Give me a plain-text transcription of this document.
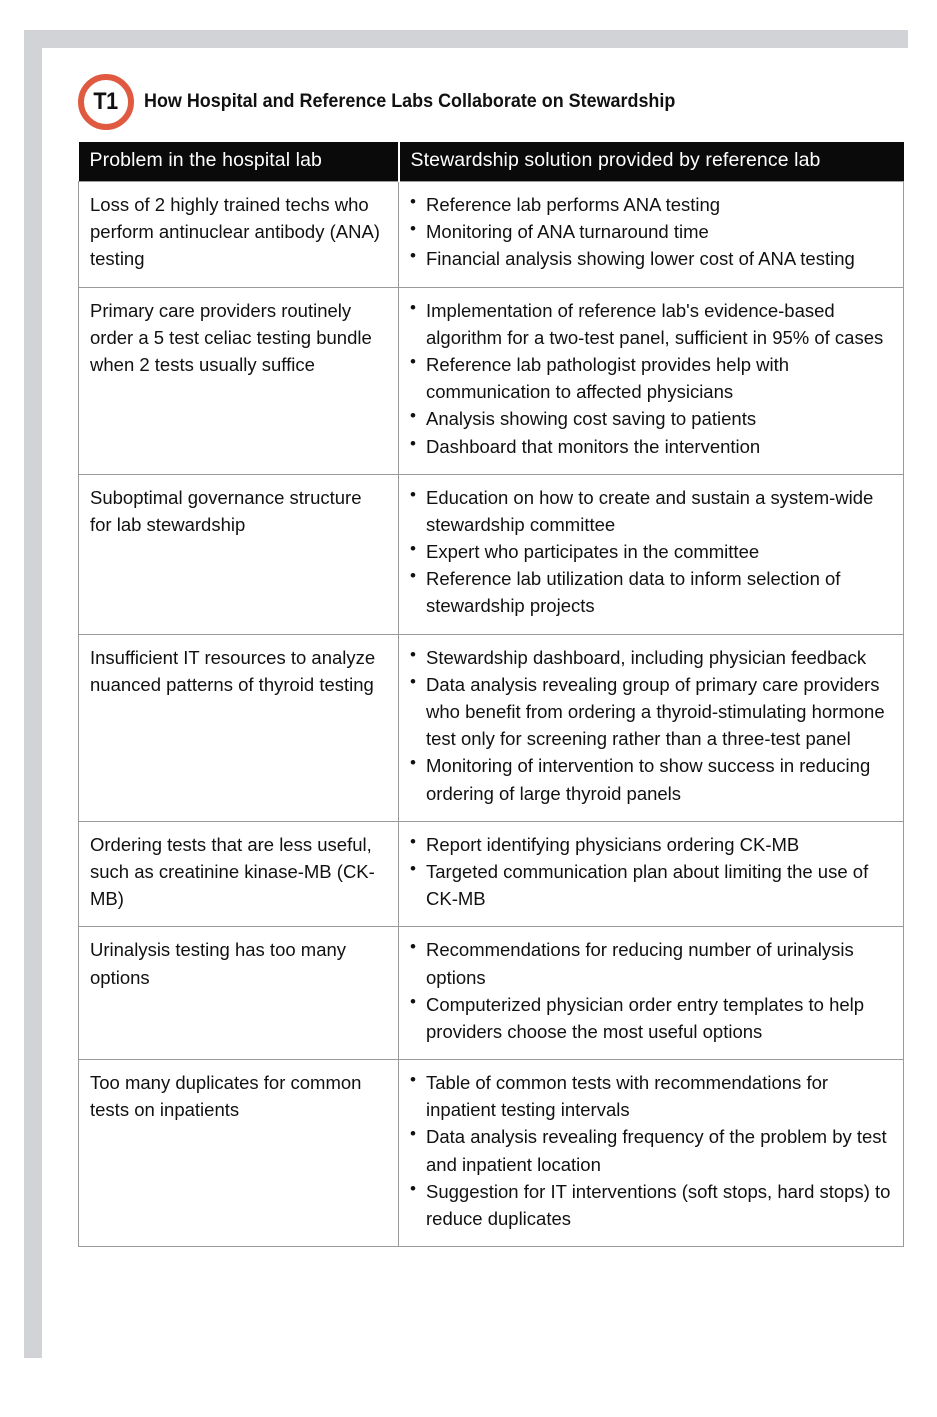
T1 How Hospital and Reference Labs Collaborate on Stewardship
Problem in the hospital lab	Stewardship solution provided by reference lab
Loss of 2 highly trained techs who perform antinuclear antibody (ANA) testing	
• Reference lab performs ANA testing
• Monitoring of ANA turnaround time
• Financial analysis showing lower cost of ANA testing

Primary care providers routinely order a 5 test celiac testing bundle when 2 tests usually suffice	
• Implementation of reference lab's evidence-based algorithm for a two-test panel, sufficient in 95% of cases
• Reference lab pathologist provides help with communication to affected physicians
• Analysis showing cost saving to patients
• Dashboard that monitors the intervention

Suboptimal governance structure for lab stewardship	
• Education on how to create and sustain a system-wide stewardship committee
• Expert who participates in the committee
• Reference lab utilization data to inform selection of stewardship projects

Insufficient IT resources to analyze nuanced patterns of thyroid testing	
• Stewardship dashboard, including physician feedback
• Data analysis revealing group of primary care providers who benefit from ordering a thyroid-stimulating hormone test only for screening rather than a three-test panel
• Monitoring of intervention to show success in reducing ordering of large thyroid panels

Ordering tests that are less useful, such as creatinine kinase-MB (CK-MB)	
• Report identifying physicians ordering CK-MB
• Targeted communication plan about limiting the use of CK-MB

Urinalysis testing has too many options	
• Recommendations for reducing number of urinalysis options
• Computerized physician order entry templates to help providers choose the most useful options

Too many duplicates for common tests on inpatients	
• Table of common tests with recommendations for inpatient testing intervals
• Data analysis revealing frequency of the problem by test and inpatient location
• Suggestion for IT interventions (soft stops, hard stops) to reduce duplicates
